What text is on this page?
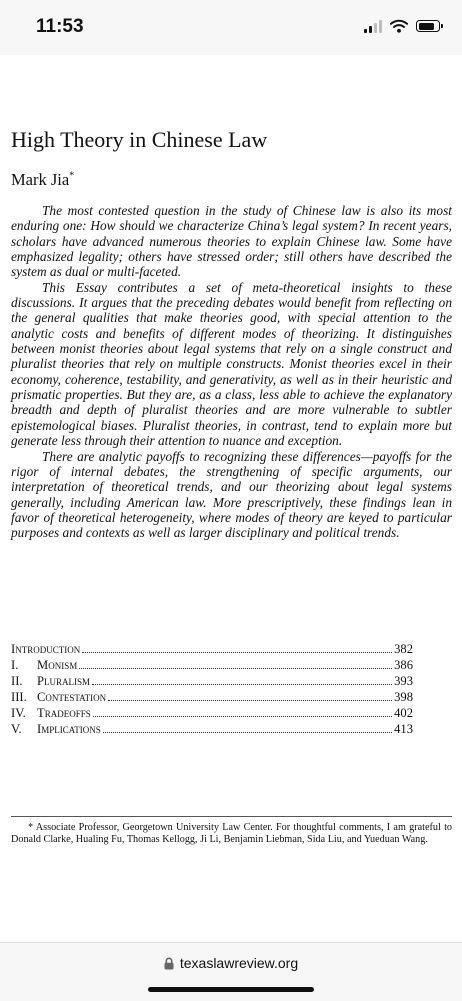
11:53
High Theory in Chinese Law
Mark Jia*

The most contested question in the study of Chinese law is also its most enduring one: How should we characterize China’s legal system? In recent years, scholars have advanced numerous theories to explain Chinese law. Some have emphasized legality; others have stressed order; still others have described the system as dual or multi-faceted.

This Essay contributes a set of meta-theoretical insights to these discussions. It argues that the preceding debates would benefit from reflecting on the general qualities that make theories good, with special attention to the analytic costs and benefits of different modes of theorizing. It distinguishes between monist theories about legal systems that rely on a single construct and pluralist theories that rely on multiple constructs. Monist theories excel in their economy, coherence, testability, and generativity, as well as in their heuristic and prismatic properties. But they are, as a class, less able to achieve the explanatory breadth and depth of pluralist theories and are more vulnerable to subtler epistemological biases. Pluralist theories, in contrast, tend to explain more but generate less through their attention to nuance and exception.

There are analytic payoffs to recognizing these differences—payoffs for the rigor of internal debates, the strengthening of specific arguments, our interpretation of theoretical trends, and our theorizing about legal systems generally, including American law. More prescriptively, these findings lean in favor of theoretical heterogeneity, where modes of theory are keyed to particular purposes and contexts as well as larger disciplinary and political trends.

Introduction	382
I.	Monism	386
II.	Pluralism	393
III. Contestation	398
IV. Tradeoffs	402
V.	Implications	413
* Associate Professor, Georgetown University Law Center. For thoughtful comments, I am grateful to Donald Clarke, Hualing Fu, Thomas Kellogg, Ji Li, Benjamin Liebman, Sida Liu, and Yueduan Wang.
texaslawreview.org
